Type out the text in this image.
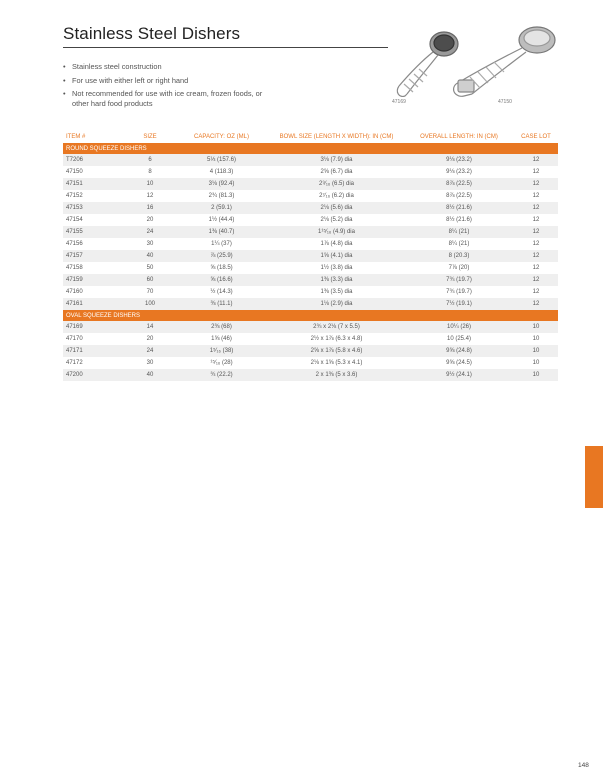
Stainless Steel Dishers
• Stainless steel construction
• For use with either left or right hand
• Not recommended for use with ice cream, frozen foods, or other hard food products	47169	47150
ITEM #	SIZE	CAPACITY: OZ (ML)	BOWL SIZE (LENGTH X WIDTH): IN (CM)	OVERALL LENGTH: IN (CM)	CASE LOT
ROUND SQUEEZE DISHERS					
T7206	6	5⅓ (157.6)	3⅛ (7.9) dia	9⅛ (23.2)	12
47150	8	4 (118.3)	2⅝ (6.7) dia	9⅛ (23.2)	12
47151	10	3⅛ (92.4)	2⁹⁄₁₆ (6.5) dia	8⅞ (22.5)	12
47152	12	2¾ (81.3)	2⁷⁄₁₆ (6.2) dia	8⅞ (22.5)	12
47153	16	2 (59.1)	2⅛ (5.6) dia	8½ (21.6)	12
47154	20	1½ (44.4)	2⅛ (5.2) dia	8½ (21.6)	12
47155	24	1⅜ (40.7)	1¹⁵⁄₁₆ (4.9) dia	8¼ (21)	12
47156	30	1¼ (37)	1⅞ (4.8) dia	8¼ (21)	12
47157	40	⅞ (25.9)	1⅝ (4.1) dia	8 (20.3)	12
47158	50	⅝ (18.5)	1½ (3.8) dia	7⅞ (20)	12
47159	60	⅝ (16.6)	1⅜ (3.3) dia	7¾ (19.7)	12
47160	70	½ (14.3)	1⅜ (3.5) dia	7¾ (19.7)	12
47161	100	⅜ (11.1)	1⅛ (2.9) dia	7½ (19.1)	12
OVAL SQUEEZE DISHERS					
47169	14	2⅜ (68)	2¾ x 2⅛ (7 x 5.5)	10¼ (26)	10
47170	20	1⅝ (46)	2½ x 1⅞ (6.3 x 4.8)	10 (25.4)	10
47171	24	1⁵⁄₁₆ (38)	2⅝ x 1⅞ (5.8 x 4.6)	9⅝ (24.8)	10
47172	30	¹⁵⁄₁₆ (28)	2⅛ x 1⅝ (5.3 x 4.1)	9⅝ (24.5)	10
47200	40	¾ (22.2)	2 x 1⅜ (5 x 3.6)	9½ (24.1)	10
148
